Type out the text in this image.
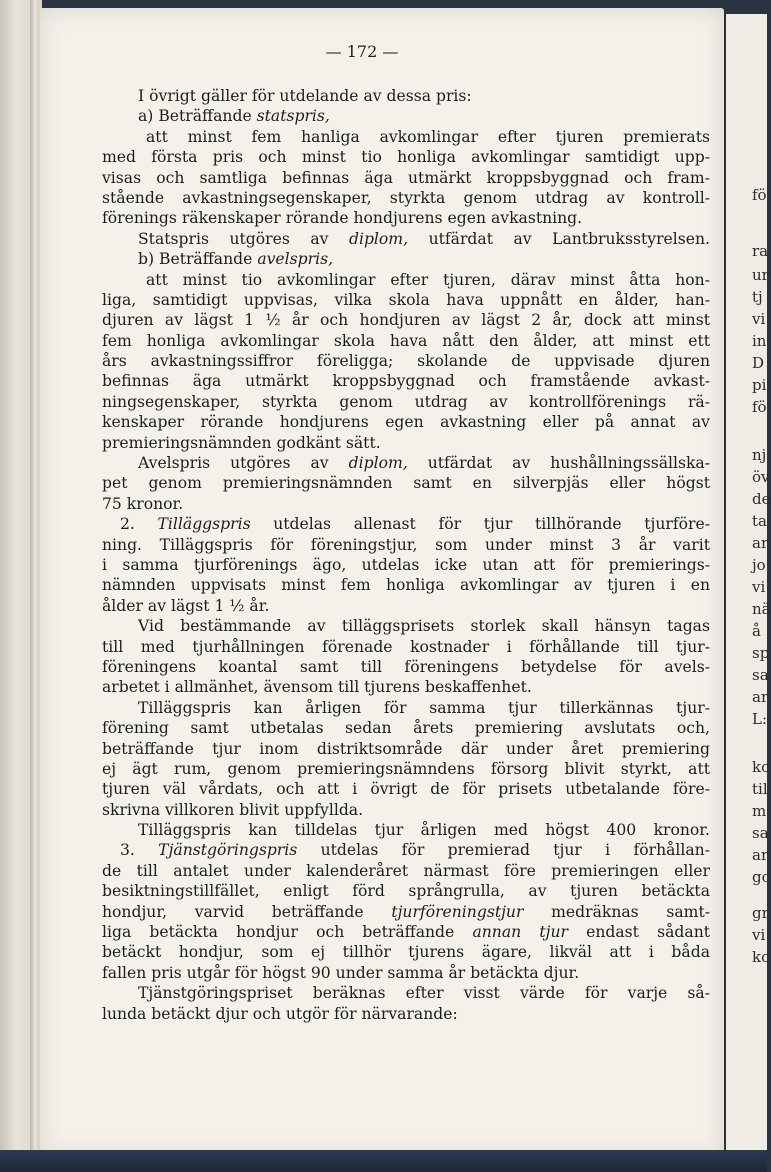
fö
ra
ur
tj
vi
in
D
pi
fö
nj
öv
de
ta
ar
jo
vi
nä
å
sp
sa
ar
L:
kc
til
m
sa
ar
gc
gr
vi
kc
— 172 —
I övrigt gäller för utdelande av dessa pris:
a) Beträffande statspris,
att minst fem hanliga avkomlingar efter tjuren premierats
med första pris och minst tio honliga avkomlingar samtidigt upp-
visas och samtliga befinnas äga utmärkt kroppsbyggnad och fram-
stående avkastningsegenskaper, styrkta genom utdrag av kontroll-
förenings räkenskaper rörande hondjurens egen avkastning.
Statspris utgöres av diplom, utfärdat av Lantbruksstyrelsen.
b) Beträffande avelspris,
att minst tio avkomlingar efter tjuren, därav minst åtta hon-
liga, samtidigt uppvisas, vilka skola hava uppnått en ålder, han-
djuren av lägst 1 ½ år och hondjuren av lägst 2 år, dock att minst
fem honliga avkomlingar skola hava nått den ålder, att minst ett
års avkastningssiffror föreligga; skolande de uppvisade djuren
befinnas äga utmärkt kroppsbyggnad och framstående avkast-
ningsegenskaper, styrkta genom utdrag av kontrollförenings rä-
kenskaper rörande hondjurens egen avkastning eller på annat av
premieringsnämnden godkänt sätt.
Avelspris utgöres av diplom, utfärdat av hushållningssällska-
pet genom premieringsnämnden samt en silverpjäs eller högst
75 kronor.
2. Tilläggspris utdelas allenast för tjur tillhörande tjurföre-
ning. Tilläggspris för föreningstjur, som under minst 3 år varit
i samma tjurförenings ägo, utdelas icke utan att för premierings-
nämnden uppvisats minst fem honliga avkomlingar av tjuren i en
ålder av lägst 1 ½ år.
Vid bestämmande av tilläggsprisets storlek skall hänsyn tagas
till med tjurhållningen förenade kostnader i förhållande till tjur-
föreningens koantal samt till föreningens betydelse för avels-
arbetet i allmänhet, ävensom till tjurens beskaffenhet.
Tilläggspris kan årligen för samma tjur tillerkännas tjur-
förening samt utbetalas sedan årets premiering avslutats och,
beträffande tjur inom distriktsområde där under året premiering
ej ägt rum, genom premieringsnämndens försorg blivit styrkt, att
tjuren väl vårdats, och att i övrigt de för prisets utbetalande före-
skrivna villkoren blivit uppfyllda.
Tilläggspris kan tilldelas tjur årligen med högst 400 kronor.
3. Tjänstgöringspris utdelas för premierad tjur i förhållan-
de till antalet under kalenderåret närmast före premieringen eller
besiktningstillfället, enligt förd språngrulla, av tjuren betäckta
hondjur, varvid beträffande tjurföreningstjur medräknas samt-
liga betäckta hondjur och beträffande annan tjur endast sådant
betäckt hondjur, som ej tillhör tjurens ägare, likväl att i båda
fallen pris utgår för högst 90 under samma år betäckta djur.
Tjänstgöringspriset beräknas efter visst värde för varje så-
lunda betäckt djur och utgör för närvarande:
